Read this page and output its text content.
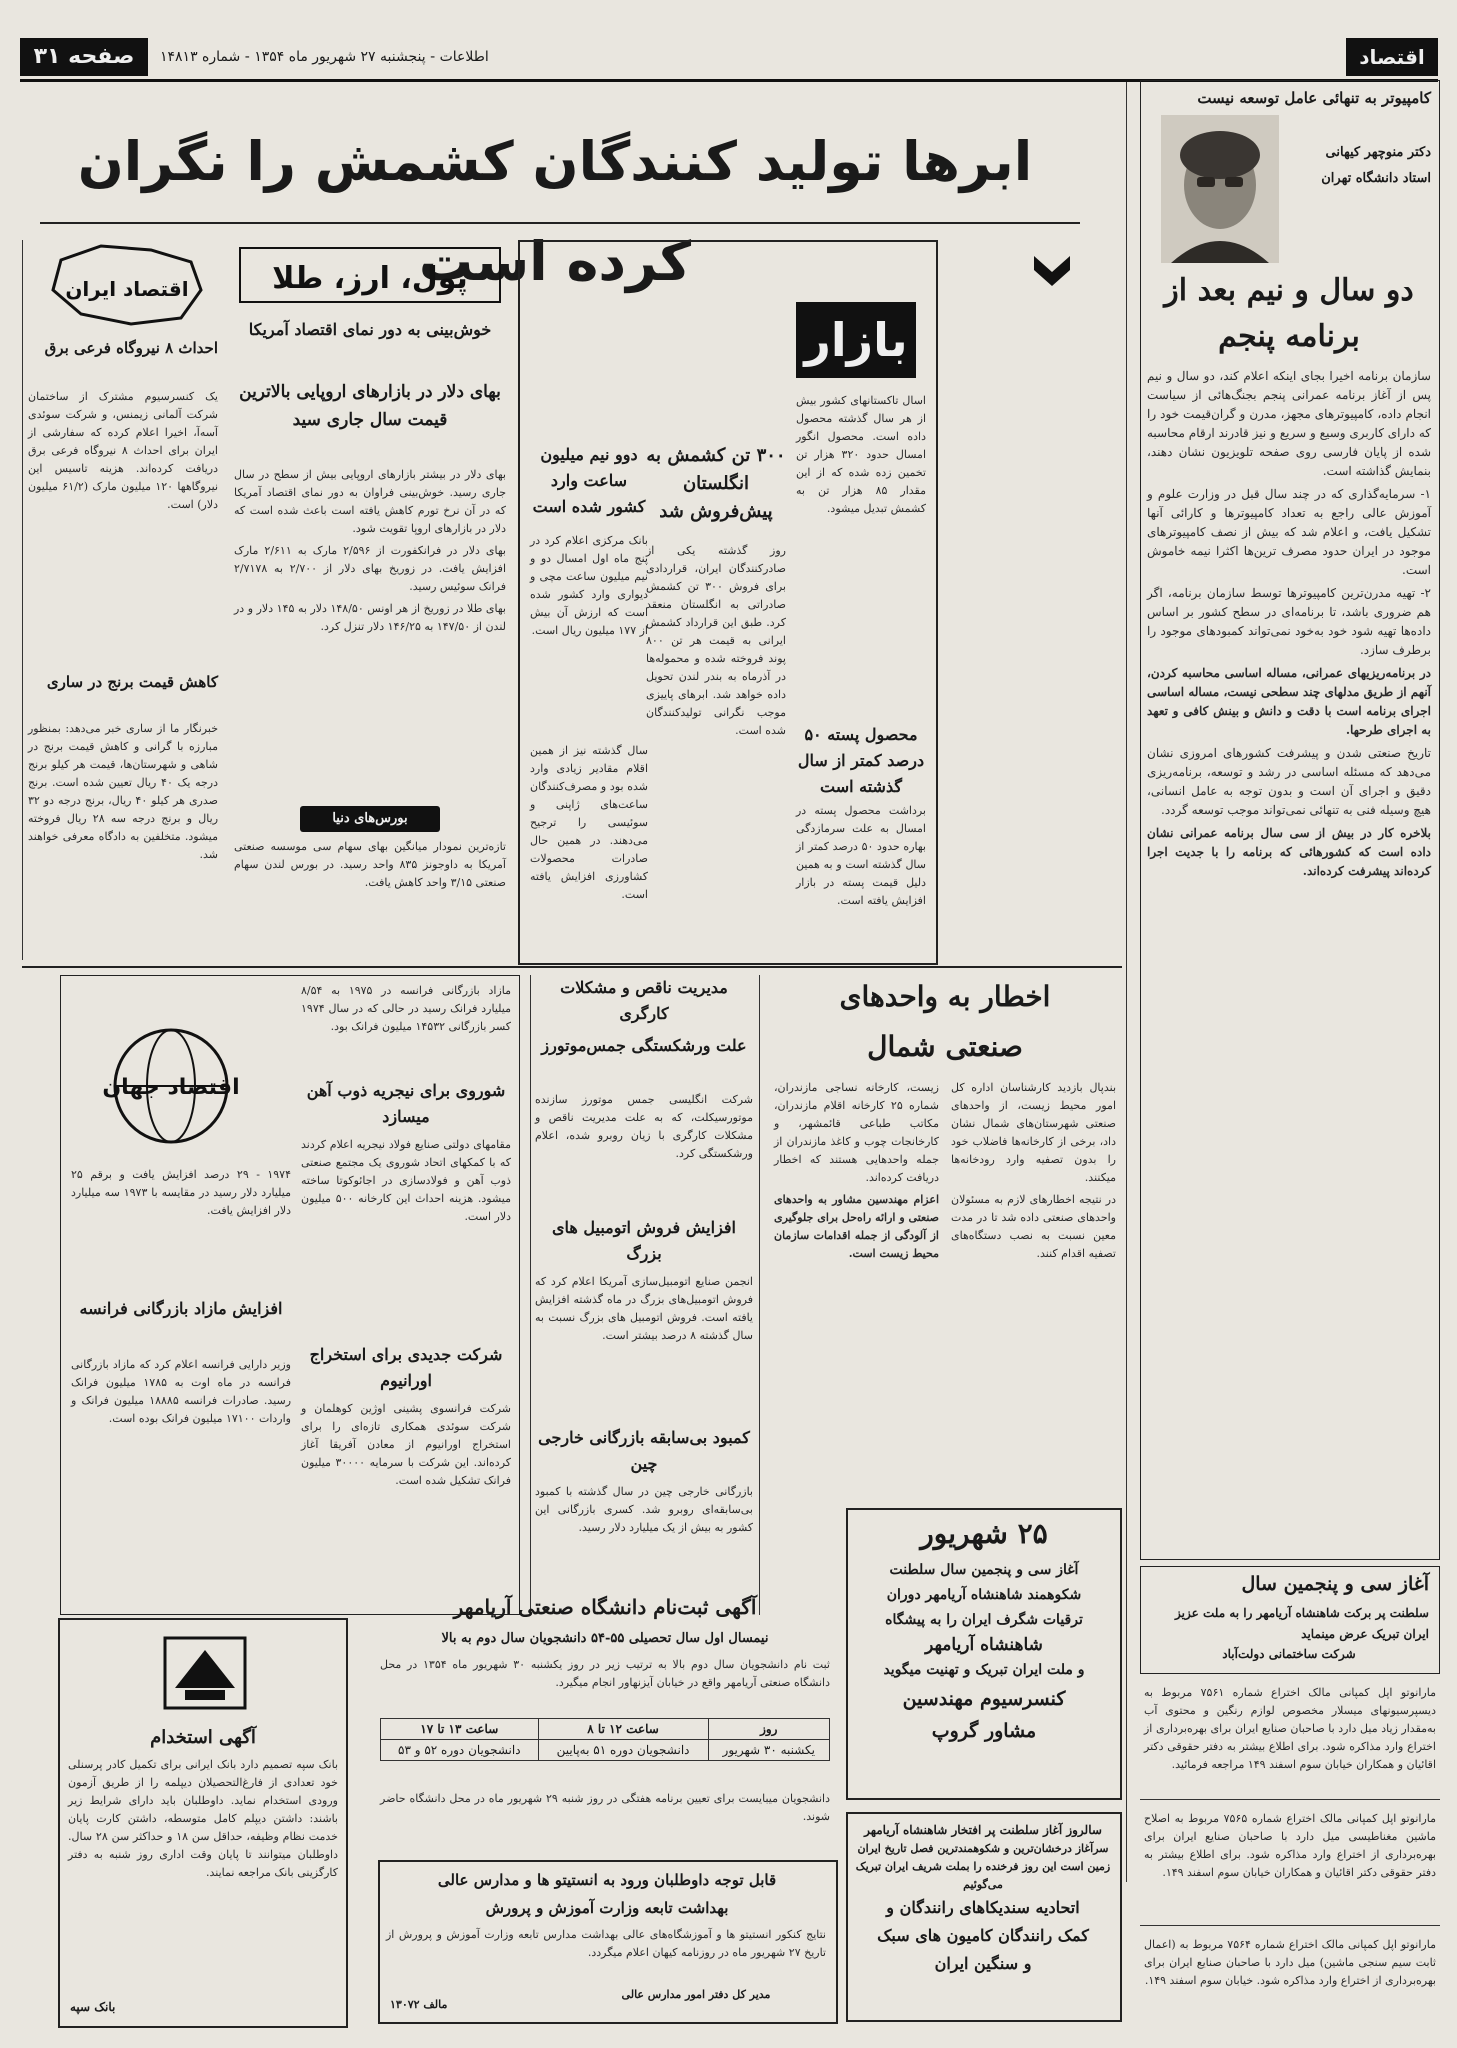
اقتصاد
اطلاعات - پنجشنبه ۲۷ شهریور ماه ۱۳۵۴ - شماره ۱۴۸۱۳
صفحه ۳۱
ابرها تولید کنندگان کشمش را نگران کرده است
کامپیوتر به تنهائی عامل توسعه نیست
دکتر منوچهر کیهانی
استاد دانشگاه تهران
دو سال و نیم بعد از
برنامه پنجم

سازمان برنامه اخیرا بجای اینکه اعلام کند، دو سال و نیم پس از آغاز برنامه عمرانی پنجم بجنگ‌هائی از سیاست انجام داده، کامپیوترهای مجهز، مدرن و گران‌قیمت خود را که دارای کاربری وسیع و سریع و نیز قادرند ارقام محاسبه شده از پایان فارسی روی صفحه تلویزیون نشان دهند، بنمایش گذاشته است.

۱- سرمایه‌گذاری که در چند سال قبل در وزارت علوم و آموزش عالی راجع به تعداد کامپیوترها و کارائی آنها تشکیل یافت، و اعلام شد که بیش از نصف کامپیوترهای موجود در ایران حدود مصرف ترین‌ها اکثرا نیمه خاموش است.

۲- تهیه مدرن‌ترین کامپیوترها توسط سازمان برنامه، اگر هم ضروری باشد، تا برنامه‌ای در سطح کشور بر اساس داده‌ها تهیه شود خود به‌خود نمی‌تواند کمبودهای موجود را برطرف سازد.

در برنامه‌ریزیهای عمرانی، مساله اساسی محاسبه کردن، آنهم از طریق مدلهای چند سطحی نیست، مساله اساسی اجرای برنامه است با دقت و دانش و بینش کافی و تعهد به اجرای طرحها.

تاریخ صنعتی شدن و پیشرفت کشورهای امروزی نشان می‌دهد که مسئله اساسی در رشد و توسعه، برنامه‌ریزی دقیق و اجرای آن است و بدون توجه به عامل انسانی، هیچ وسیله فنی به تنهائی نمی‌تواند موجب توسعه گردد.

بلاخره کار در بیش از سی سال برنامه عمرانی نشان داده است که کشورهائی که برنامه را با جدیت اجرا کرده‌اند پیشرفت کرده‌اند.

آغاز سی و پنجمین سال
سلطنت پر برکت شاهنشاه آریامهر را به ملت عزیز ایران تبریک عرض مینماید
شرکت ساختمانی دولت‌آباد
مارانوتو اپل کمپانی مالک اختراع شماره ۷۵۶۱ مربوط به دیسپرسیونهای میسلار مخصوص لوازم رنگین و محتوی آب به‌مقدار زیاد میل دارد با صاحبان صنایع ایران برای بهره‌برداری از اختراع وارد مذاکره شود. برای اطلاع بیشتر به دفتر حقوقی دکتر اقائیان و همکاران خیابان سوم اسفند ۱۴۹ مراجعه فرمائید.
مارانوتو اپل کمپانی مالک اختراع شماره ۷۵۶۵ مربوط به اصلاح ماشین مغناطیسی میل دارد با صاحبان صنایع ایران برای بهره‌برداری از اختراع وارد مذاکره شود. برای اطلاع بیشتر به دفتر حقوقی دکتر اقائیان و همکاران خیابان سوم اسفند ۱۴۹.
مارانوتو اپل کمپانی مالک اختراع شماره ۷۵۶۴ مربوط به (اعمال ثابت سیم سنجی ماشین) میل دارد با صاحبان صنایع ایران برای بهره‌برداری از اختراع وارد مذاکره شود. خیابان سوم اسفند ۱۴۹.
بازار
اسال تاکستانهای کشور بیش از هر سال گذشته محصول داده است. محصول انگور امسال حدود ۳۲۰ هزار تن تخمین زده شده که از این مقدار ۸۵ هزار تن به کشمش تبدیل میشود.
۳۰۰ تن کشمش به انگلستان پیش‌فروش شد
روز گذشته یکی از صادرکنندگان ایران، قراردادی برای فروش ۳۰۰ تن کشمش صادراتی به انگلستان منعقد کرد. طبق این قرارداد کشمش ایرانی به قیمت هر تن ۸۰۰ پوند فروخته شده و محموله‌ها در آذرماه به بندر لندن تحویل داده خواهد شد. ابرهای پاییزی موجب نگرانی تولیدکنندگان شده است.	محصول پسته ۵۰ درصد کمتر از سال گذشته است
برداشت محصول پسته در امسال به علت سرمازدگی بهاره حدود ۵۰ درصد کمتر از سال گذشته است و به همین دلیل قیمت پسته در بازار افزایش یافته است.
دوو نیم میلیون ساعت وارد کشور شده است
بانک مرکزی اعلام کرد در پنج ماه اول امسال دو و نیم میلیون ساعت مچی و دیواری وارد کشور شده است که ارزش آن بیش از ۱۷۷ میلیون ریال است.
سال گذشته نیز از همین اقلام مقادیر زیادی وارد شده بود و مصرف‌کنندگان ساعت‌های ژاپنی و سوئیسی را ترجیح می‌دهند. در همین حال صادرات محصولات کشاورزی افزایش یافته است.
پول، ارز، طلا
خوش‌بینی به دور نمای اقتصاد آمریکا
بهای دلار در بازارهای اروپایی بالاترین قیمت سال جاری سید

بهای دلار در بیشتر بازارهای اروپایی بیش از سطح در سال جاری رسید. خوش‌بینی فراوان به دور نمای اقتصاد آمریکا که در آن نرخ تورم کاهش یافته است باعث شده است که دلار در بازارهای اروپا تقویت شود.

بهای دلار در فرانکفورت از ۲/۵۹۶ مارک به ۲/۶۱۱ مارک افزایش یافت. در زوریخ بهای دلار از ۲/۷۰۰ به ۲/۷۱۷۸ فرانک سوئیس رسید.

بهای طلا در زوریخ از هر اونس ۱۴۸/۵۰ دلار به ۱۴۵ دلار و در لندن از ۱۴۷/۵۰ به ۱۴۶/۲۵ دلار تنزل کرد.

بورس‌های دنیا
تازه‌ترین نمودار میانگین بهای سهام سی موسسه صنعتی آمریکا به داوجونز ۸۳۵ واحد رسید. در بورس لندن سهام صنعتی ۳/۱۵ واحد کاهش یافت.
اقتصاد ایران
احداث ۸ نیروگاه فرعی برق
یک کنسرسیوم مشترک از ساختمان شرکت آلمانی زیمنس، و شرکت سوئدی آسه‌آ، اخیرا اعلام کرده که سفارشی از ایران برای احداث ۸ نیروگاه فرعی برق دریافت کرده‌اند. هزینه تاسیس این نیروگاهها ۱۲۰ میلیون مارک (۶۱/۲ میلیون دلار) است.
کاهش قیمت برنج در ساری
خبرنگار ما از ساری خبر می‌دهد: بمنظور مبارزه با گرانی و کاهش قیمت برنج در شاهی و شهرستان‌ها، قیمت هر کیلو برنج درجه یک ۴۰ ریال تعیین شده است. برنج صدری هر کیلو ۴۰ ریال، برنج درجه دو ۳۲ ریال و برنج درجه سه ۲۸ ریال فروخته میشود. متخلفین به دادگاه معرفی خواهند شد.
اخطار به واحدهای
صنعتی شمال

بندپال بازدید کارشناسان اداره کل امور محیط زیست، از واحدهای صنعتی شهرستان‌های شمال نشان داد، برخی از کارخانه‌ها فاضلاب خود را بدون تصفیه وارد رودخانه‌ها میکنند.

در نتیجه اخطارهای لازم به مسئولان واحدهای صنعتی داده شد تا در مدت معین نسبت به نصب دستگاه‌های تصفیه اقدام کنند.

زیست، کارخانه نساجی مازندران، شماره ۲۵ کارخانه اقلام مازندران، مکاتب طباعی قائمشهر، و کارخانجات چوب و کاغذ مازندران از جمله واحدهایی هستند که اخطار دریافت کرده‌اند.

اعزام مهندسین مشاور به واحدهای صنعتی و ارائه راه‌حل برای جلوگیری از آلودگی از جمله اقدامات سازمان محیط زیست است.

مدیریت ناقص و مشکلات کارگری
علت ورشکستگی جمس‌موتورز
شرکت انگلیسی جمس موتورز سازنده موتورسیکلت، که به علت مدیریت ناقص و مشکلات کارگری با زیان روبرو شده، اعلام ورشکستگی کرد.
افزایش فروش اتومبیل های بزرگ
انجمن صنایع اتومبیل‌سازی آمریکا اعلام کرد که فروش اتومبیل‌های بزرگ در ماه گذشته افزایش یافته است. فروش اتومبیل های بزرگ نسبت به سال گذشته ۸ درصد بیشتر است.
کمبود بی‌سابقه بازرگانی خارجی چین
بازرگانی خارجی چین در سال گذشته با کمبود بی‌سابقه‌ای روبرو شد. کسری بازرگانی این کشور به بیش از یک میلیارد دلار رسید.
مازاد بازرگانی فرانسه در ۱۹۷۵ به ۸/۵۴ میلیارد فرانک رسید در حالی که در سال ۱۹۷۴ کسر بازرگانی ۱۴۵۳۲ میلیون فرانک بود.
شوروی برای نیجریه ذوب آهن میسازد
مقامهای دولتی صنایع فولاد نیجریه اعلام کردند که با کمکهای اتحاد شوروی یک مجتمع صنعتی ذوب آهن و فولادسازی در اجائوکوتا ساخته میشود. هزینه احداث این کارخانه ۵۰۰ میلیون دلار است.
شرکت جدیدی برای استخراج اورانیوم
شرکت فرانسوی پشینی اوژین کوهلمان و شرکت سوئدی همکاری تازه‌ای را برای استخراج اورانیوم از معادن آفریقا آغاز کرده‌اند. این شرکت با سرمایه ۳۰۰۰۰ میلیون فرانک تشکیل شده است.
اقتصاد جهان
۱۹۷۴ - ۲۹ درصد افزایش یافت و برقم ۲۵ میلیارد دلار رسید در مقایسه با ۱۹۷۳ سه میلیارد دلار افزایش یافت.
افزایش مازاد بازرگانی فرانسه
وزیر دارایی فرانسه اعلام کرد که مازاد بازرگانی فرانسه در ماه اوت به ۱۷۸۵ میلیون فرانک رسید. صادرات فرانسه ۱۸۸۸۵ میلیون فرانک و واردات ۱۷۱۰۰ میلیون فرانک بوده است.
۲۵ شهریور
آغاز سی و پنجمین سال سلطنت
شکوهمند شاهنشاه آریامهر دوران
ترقیات شگرف ایران را به پیشگاه
شاهنشاه آریامهر
و ملت ایران تبریک و تهنیت میگوید
کنسرسیوم مهندسین
مشاور گروپ
آگهی ثبت‌نام دانشگاه صنعتی آریامهر
نیمسال اول سال تحصیلی ۵۵-۵۴ دانشجویان سال دوم به بالا
ثبت نام دانشجویان سال دوم بالا به ترتیب زیر در روز یکشنبه ۳۰ شهریور ماه ۱۳۵۴ در محل دانشگاه صنعتی آریامهر واقع در خیابان آیزنهاور انجام میگیرد.
روز	ساعت ۱۲ تا ۸	ساعت ۱۳ تا ۱۷
یکشنبه ۳۰ شهریور	دانشجویان دوره ۵۱ به‌پایین	دانشجویان دوره ۵۲ و ۵۳
دانشجویان میبایست برای تعیین برنامه هفتگی در روز شنبه ۲۹ شهریور ماه در محل دانشگاه حاضر شوند.
آگهی استخدام
بانک سپه تصمیم دارد بانک ایرانی برای تکمیل کادر پرسنلی خود تعدادی از فارغ‌التحصیلان دیپلمه را از طریق آزمون ورودی استخدام نماید. داوطلبان باید دارای شرایط زیر باشند: داشتن دیپلم کامل متوسطه، داشتن کارت پایان خدمت نظام وظیفه، حداقل سن ۱۸ و حداکثر سن ۲۸ سال. داوطلبان میتوانند تا پایان وقت اداری روز شنبه به دفتر کارگزینی بانک مراجعه نمایند.
بانک سپه
سالروز آغاز سلطنت پر افتخار شاهنشاه آریامهر
سرآغاز درخشان‌ترین و شکوهمندترین فصل تاریخ ایران زمین است این روز فرخنده را بملت شریف ایران تبریک می‌گوئیم
اتحادیه سندیکاهای رانندگان و
کمک رانندگان کامیون های سبک
و سنگین ایران
قابل توجه داوطلبان ورود به انستیتو ها و مدارس عالی
بهداشت تابعه وزارت آموزش و پرورش
نتایج کنکور انستیتو ها و آموزشگاه‌های عالی بهداشت مدارس تابعه وزارت آموزش و پرورش از تاریخ ۲۷ شهریور ماه در روزنامه کیهان اعلام میگردد.
مدیر کل دفتر امور مدارس عالی
مالف ۱۳۰۷۲
